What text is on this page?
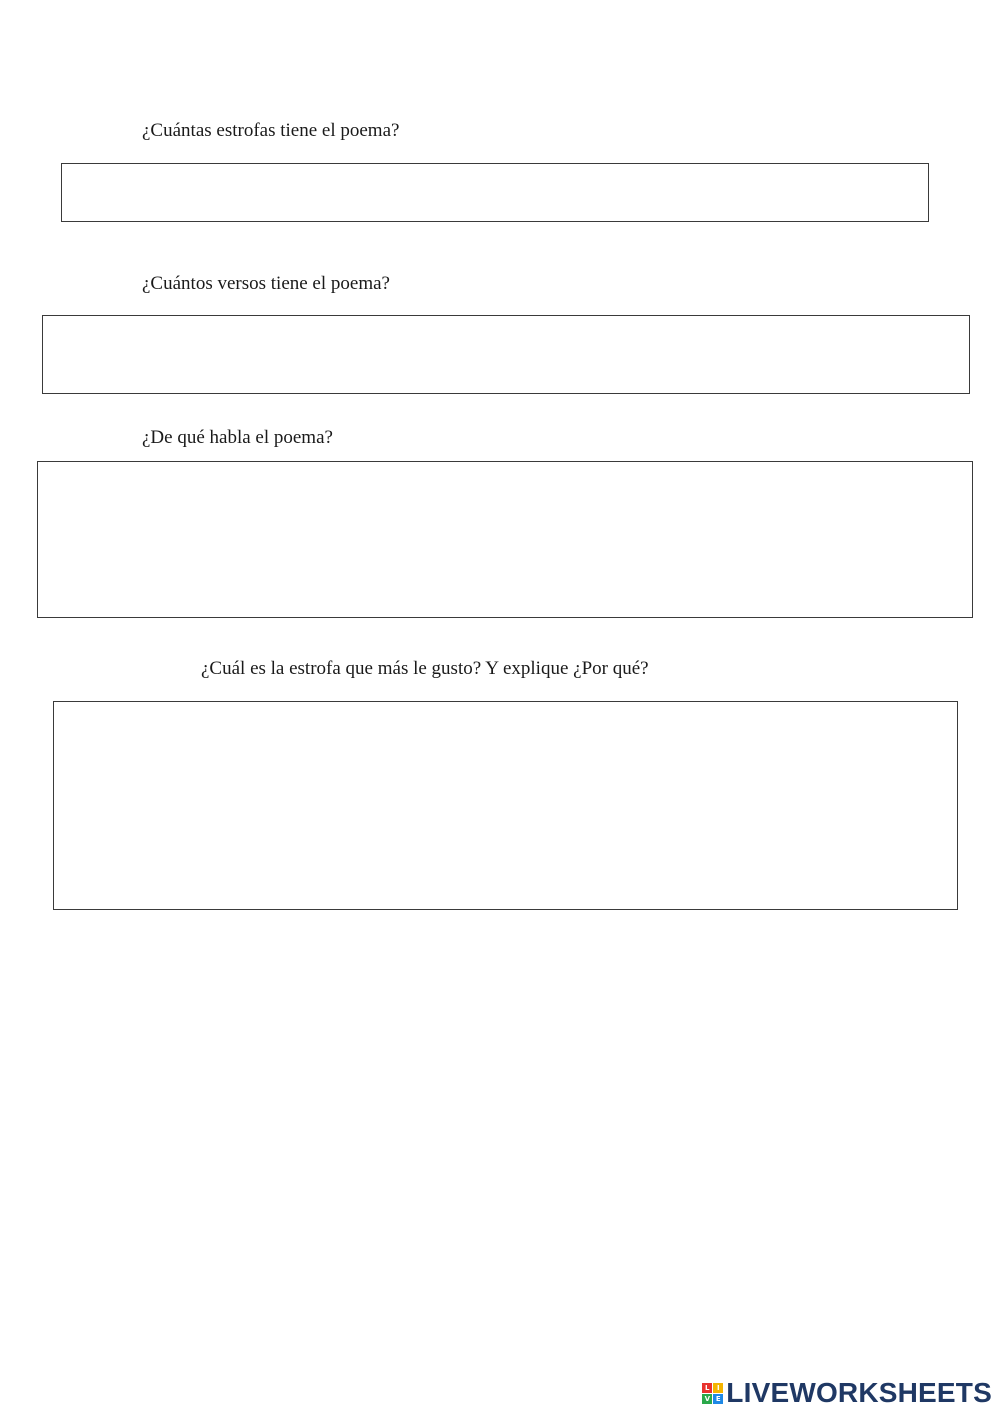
¿Cuántas estrofas tiene el poema?
¿Cuántos versos tiene el poema?
¿De qué habla el poema?
¿Cuál es la estrofa que más le gusto? Y explique ¿Por qué?
L	I
V E LIVEWORKSHEETS
